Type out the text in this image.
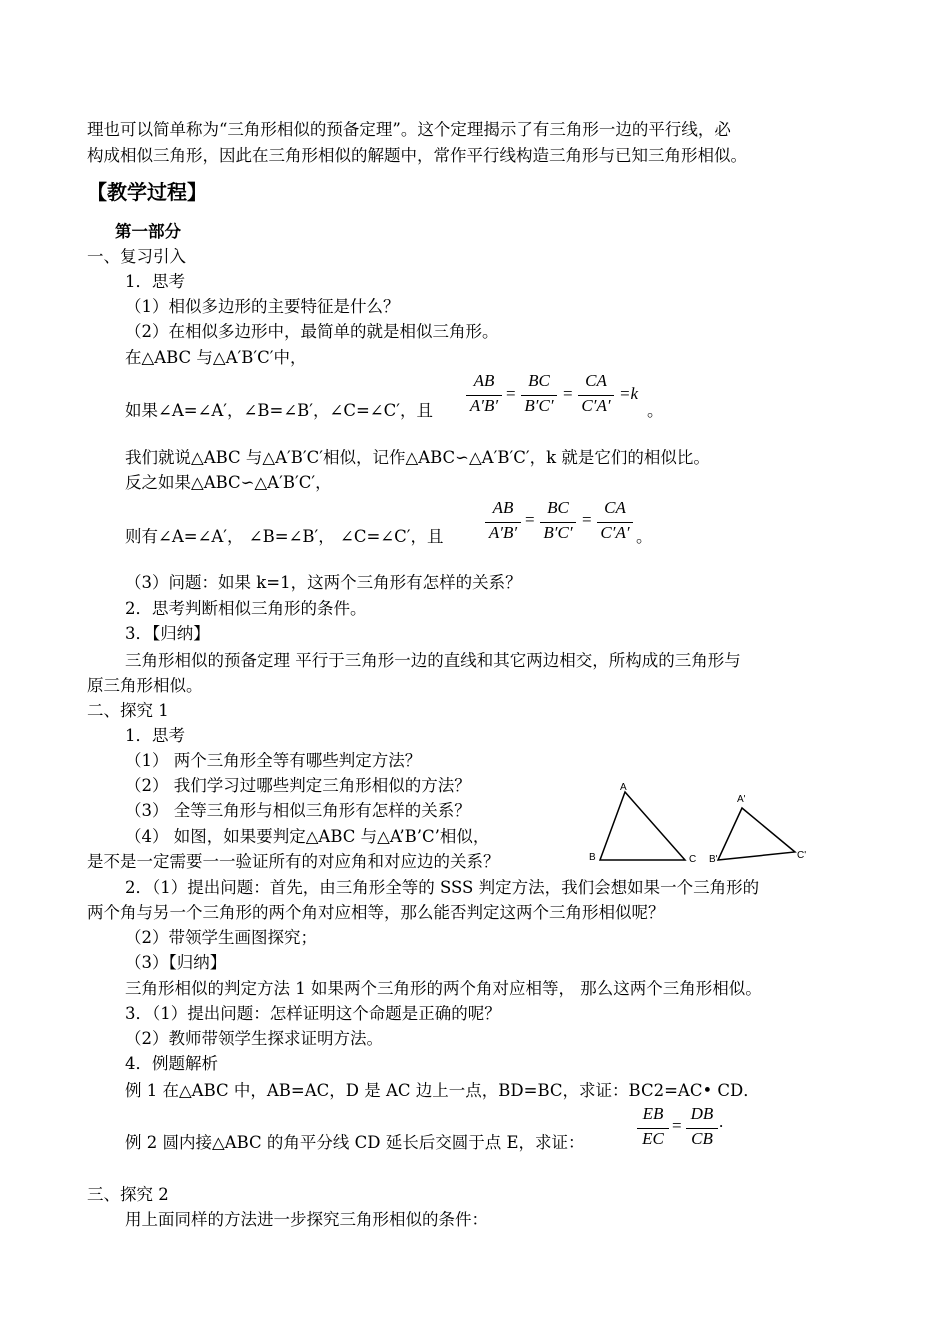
理也可以简单称为“三角形相似的预备定理”。这个定理揭示了有三角形一边的平行线，必
构成相似三角形，因此在三角形相似的解题中，常作平行线构造三角形与已知三角形相似。
【教学过程】
第一部分
一、复习引入
1．思考
（1）相似多边形的主要特征是什么？
（2）在相似多边形中，最简单的就是相似三角形。
在△ABC 与△A′B′C′中，
如果∠A=∠A′，∠B=∠B′，∠C=∠C′，且
AB
A′B′
=
BC
B′C′
=
CA
C′A′
=k
。
我们就说△ABC 与△A′B′C′相似，记作△ABC∽△A′B′C′，k 就是它们的相似比。
反之如果△ABC∽△A′B′C′，
则有∠A=∠A′， ∠B=∠B′， ∠C=∠C′，且
AB
A′B′
=
BC
B′C′
=
CA
C′A′ 。
（3）问题：如果 k=1，这两个三角形有怎样的关系？
2．思考判断相似三角形的条件。
3．【归纳】
三角形相似的预备定理 平行于三角形一边的直线和其它两边相交，所构成的三角形与
原三角形相似。
二、探究 1
1．思考
（1） 两个三角形全等有哪些判定方法？
（2） 我们学习过哪些判定三角形相似的方法？
（3） 全等三角形与相似三角形有怎样的关系？
（4） 如图，如果要判定△ABC 与△A’B’C’相似，
是不是一定需要一一验证所有的对应角和对应边的关系？
A
B	C
A'
B'	C'
2．（1）提出问题：首先，由三角形全等的 SSS 判定方法，我们会想如果一个三角形的
两个角与另一个三角形的两个角对应相等，那么能否判定这两个三角形相似呢？
（2）带领学生画图探究；
（3）【归纳】
三角形相似的判定方法 1 如果两个三角形的两个角对应相等， 那么这两个三角形相似。
3．（1）提出问题：怎样证明这个命题是正确的呢？
（2）教师带领学生探求证明方法。
4．例题解析
例 1 在△ABC 中，AB=AC，D 是 AC 边上一点，BD=BC，求证：BC2=AC• CD．
例 2 圆内接△ABC 的角平分线 CD 延长后交圆于点 E，求证：
EB
EC
=
DB
CB
.
三、探究 2
用上面同样的方法进一步探究三角形相似的条件：
